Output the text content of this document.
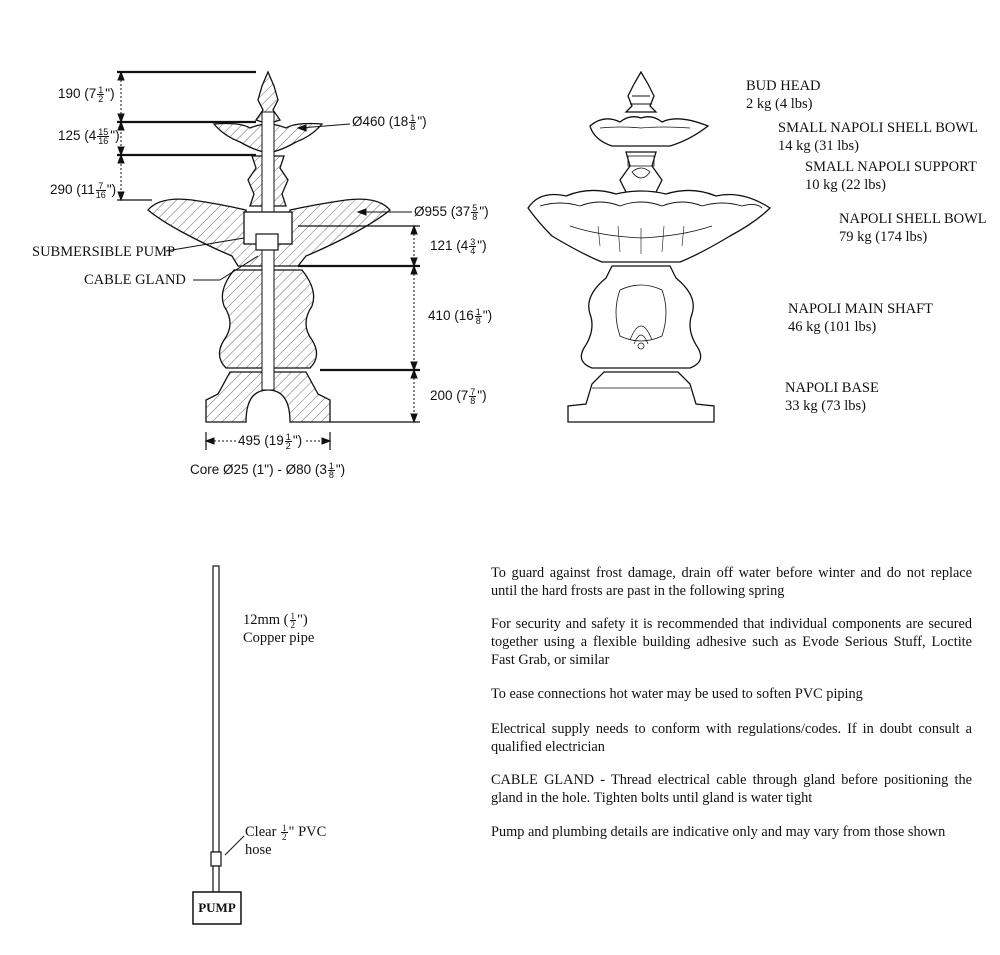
190 ($7 \frac{1}{2}$ ")
125 ($4 \frac{15}{16}$ ")
290 ($11 \frac{7}{16}$ ")
Ø460 ($18 \frac{1}{8}$ ")
Ø955 ($37 \frac{5}{8}$ ")
121 ($4 \frac{3}{4}$ ")
410 ($16 \frac{1}{8}$ ")
200 ($7 \frac{7}{8}$ ")
495 ($19 \frac{1}{2}$ ")
Core Ø25 (1") - Ø80 ($3 \frac{1}{8}$ ")
SUBMERSIBLE PUMP
CABLE GLAND
BUD HEAD
2 kg (4 lbs)
SMALL NAPOLI SHELL BOWL
14 kg (31 lbs)
SMALL NAPOLI SUPPORT
10 kg (22 lbs)
NAPOLI SHELL BOWL
79 kg (174 lbs)
NAPOLI MAIN SHAFT
46 kg (101 lbs)
NAPOLI BASE
33 kg (73 lbs)
12mm ( $\frac{1}{2}$ ")
Copper pipe
Clear $\frac{1}{2}$ " PVC
hose
PUMP
To guard against frost damage, drain off water before winter and do not replace until the hard frosts are past in the following spring
For security and safety it is recommended that individual components are secured together using a flexible building adhesive such as Evode Serious Stuff, Loctite Fast Grab, or similar
To ease connections hot water may be used to soften PVC piping
Electrical supply needs to conform with regulations/codes. If in doubt consult a qualified electrician
CABLE GLAND - Thread electrical cable through gland before positioning the gland in the hole. Tighten bolts until gland is water tight
Pump and plumbing details are indicative only and may vary from those shown
